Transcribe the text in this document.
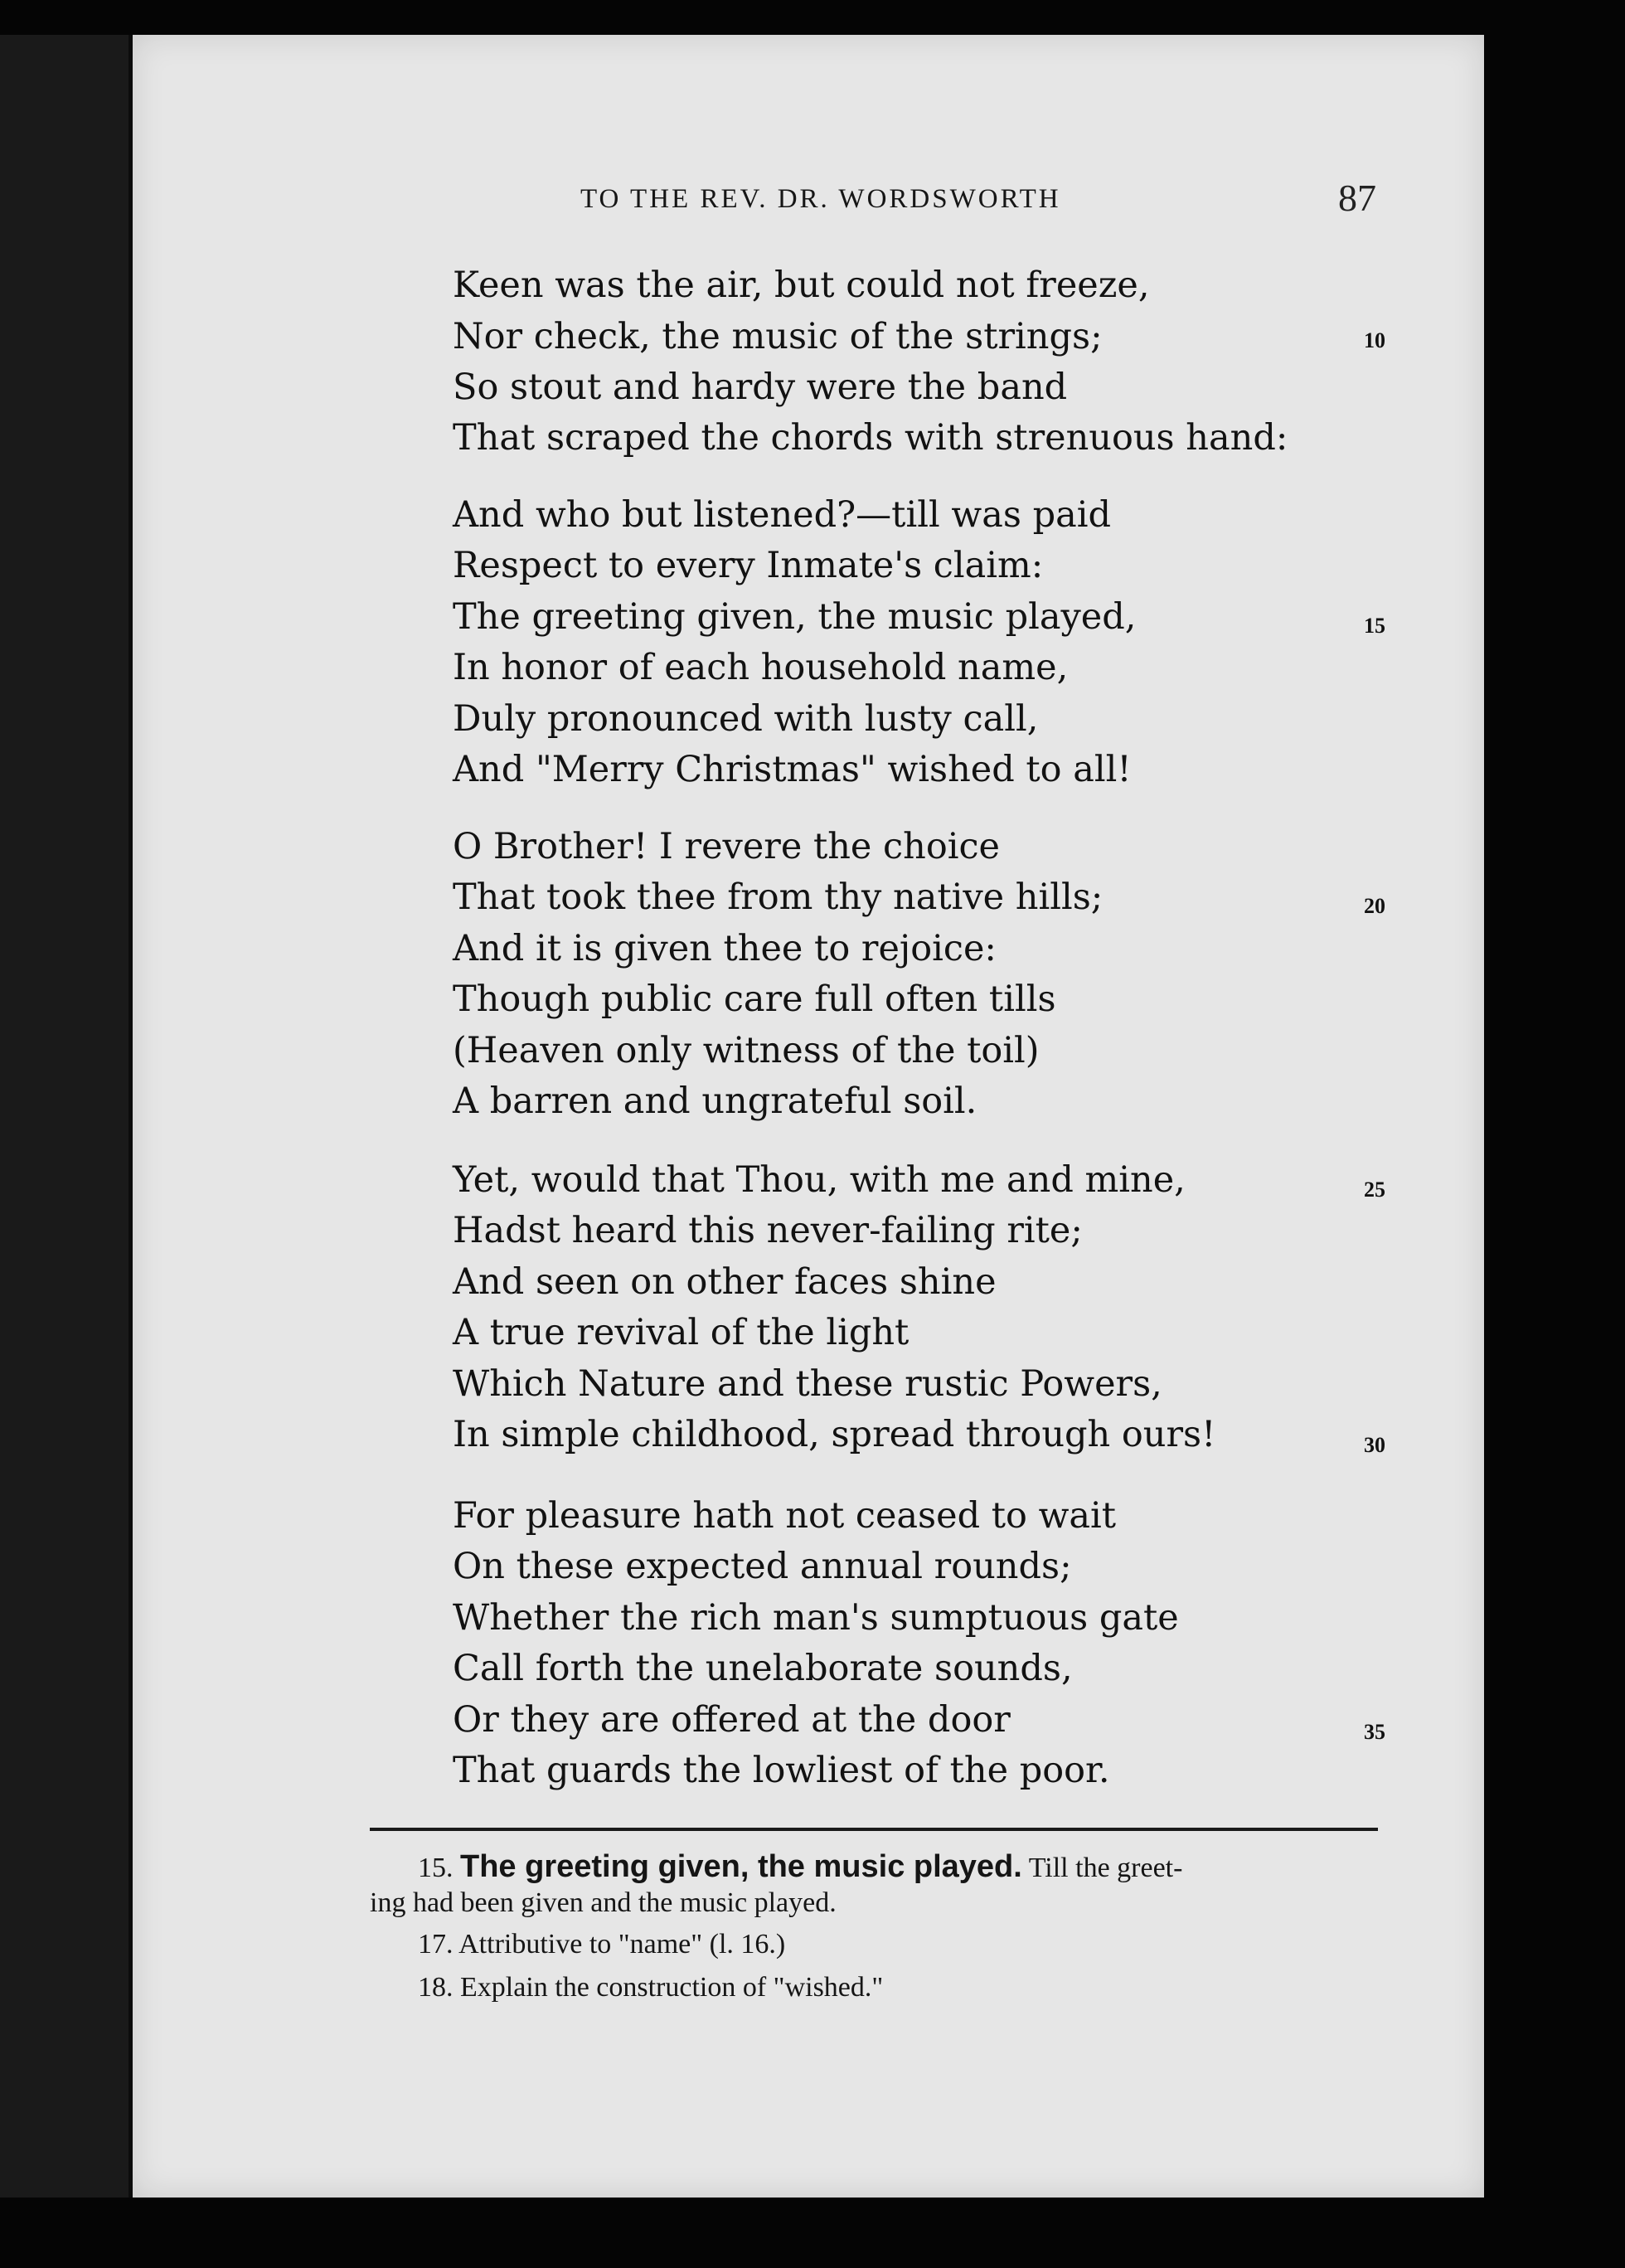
TO THE REV. DR. WORDSWORTH	87
Keen was the air, but could not freeze,
Nor check, the music of the strings;
So stout and hardy were the band
That scraped the chords with strenuous hand:
And who but listened?—till was paid
Respect to every Inmate's claim:
The greeting given, the music played,
In honor of each household name,
Duly pronounced with lusty call,
And "Merry Christmas" wished to all!
O Brother! I revere the choice
That took thee from thy native hills;
And it is given thee to rejoice:
Though public care full often tills
(Heaven only witness of the toil)
A barren and ungrateful soil.
Yet, would that Thou, with me and mine,
Hadst heard this never-failing rite;
And seen on other faces shine
A true revival of the light
Which Nature and these rustic Powers,
In simple childhood, spread through ours!
For pleasure hath not ceased to wait
On these expected annual rounds;
Whether the rich man's sumptuous gate
Call forth the unelaborate sounds,
Or they are offered at the door
That guards the lowliest of the poor.
10
15
20
25
30
35
15. The greeting given, the music played. Till the greet-
ing had been given and the music played.
17. Attributive to "name" (l. 16.)
18. Explain the construction of "wished."
